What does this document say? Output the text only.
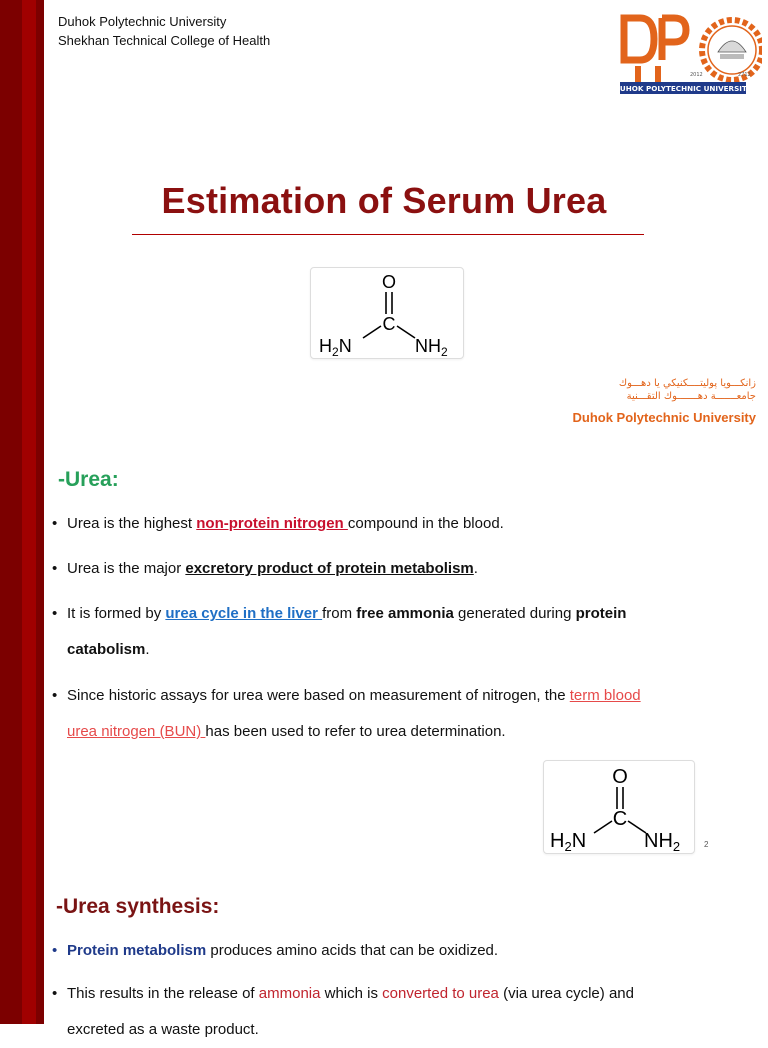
Duhok Polytechnic University
Shekhan Technical College of Health
2012	2712
DUHOK POLYTECHNIC UNIVERSITY
Estimation of Serum Urea
O
C
$H_2N$	$NH_2$
زانكـــويا پوليتــــكنيكي يا دهـــوك
جامعـــــــة دهـــــــوك التقـــنية
Duhok Polytechnic University
-Urea:
• Urea is the highest non-protein nitrogen compound in the blood.
• Urea is the major excretory product of protein metabolism.
• It is formed by urea cycle in the liver from free ammonia generated during protein
catabolism.
• Since historic assays for urea were based on measurement of nitrogen, the term blood
urea nitrogen (BUN) has been used to refer to urea determination.
O
C
$H_2N$	$NH_2$	2
-Urea synthesis:
• Protein metabolism produces amino acids that can be oxidized.
• This results in the release of ammonia which is converted to urea (via urea cycle) and
excreted as a waste product.
